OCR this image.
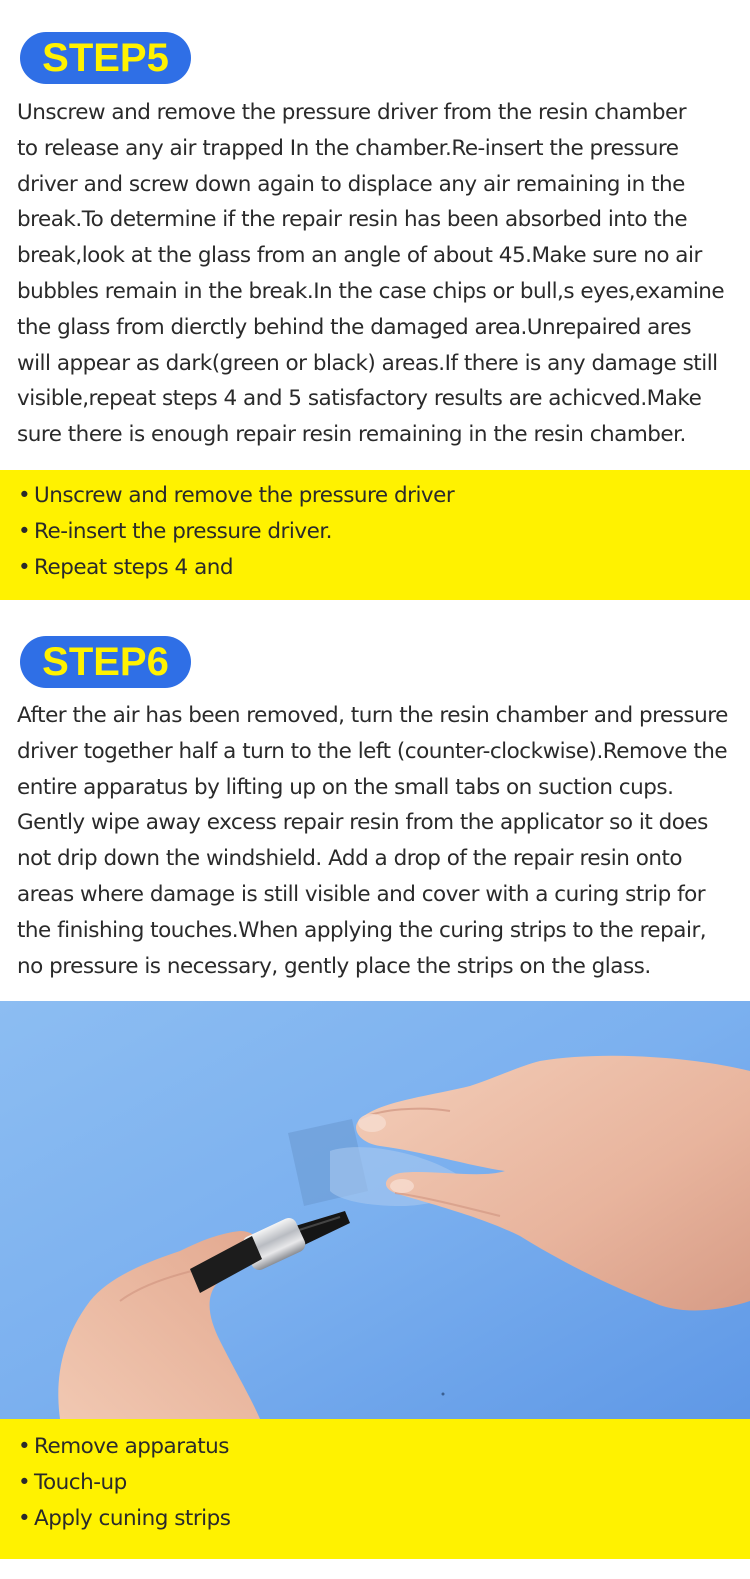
STEP5
Unscrew and remove the pressure driver from the resin chamber
to release any air trapped In the chamber.Re-insert the pressure
driver and screw down again to displace any air remaining in the
break.To determine if the repair resin has been absorbed into the
break,look at the glass from an angle of about 45.Make sure no air
bubbles remain in the break.In the case chips or bull,s eyes,examine
the glass from dierctly behind the damaged area.Unrepaired ares
will appear as dark(green or black) areas.If there is any damage still
visible,repeat steps 4 and 5 satisfactory results are achicved.Make
sure there is enough repair resin remaining in the resin chamber.
• Unscrew and remove the pressure driver
• Re-insert the pressure driver.
• Repeat steps 4 and
STEP6
After the air has been removed, turn the resin chamber and pressure
driver together half a turn to the left (counter-clockwise).Remove the
entire apparatus by lifting up on the small tabs on suction cups.
Gently wipe away excess repair resin from the applicator so it does
not drip down the windshield. Add a drop of the repair resin onto
areas where damage is still visible and cover with a curing strip for
the finishing touches.When applying the curing strips to the repair,
no pressure is necessary, gently place the strips on the glass.
• Remove apparatus
• Touch-up
• Apply cuning strips
